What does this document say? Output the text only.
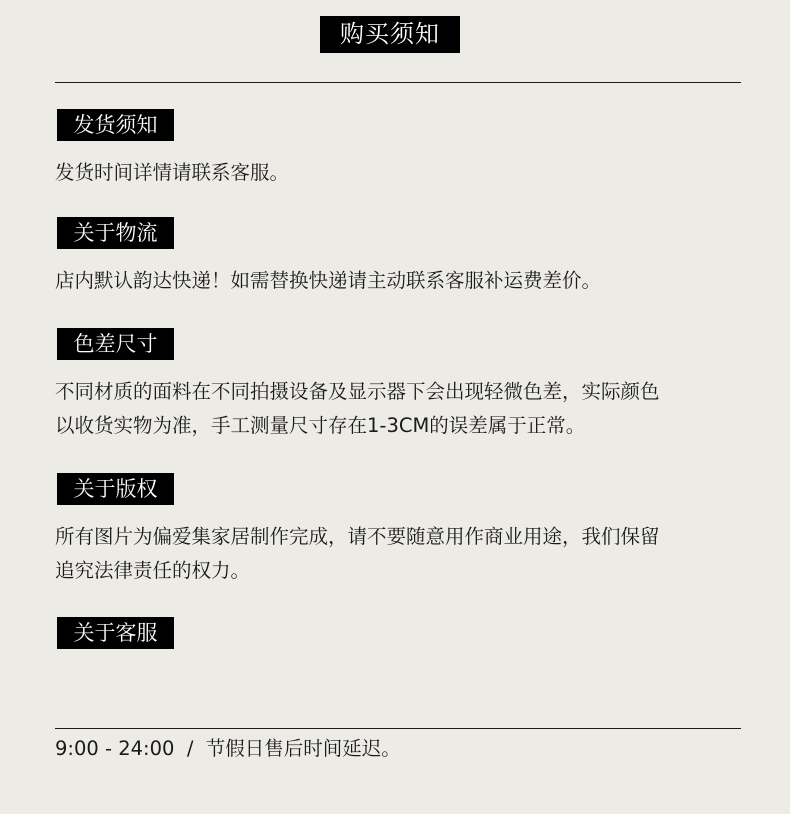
购买须知
发货须知
发货时间详情请联系客服。
关于物流
店内默认韵达快递！如需替换快递请主动联系客服补运费差价。
色差尺寸
不同材质的面料在不同拍摄设备及显示器下会出现轻微色差，实际颜色
以收货实物为准，手工测量尺寸存在1-3CM的误差属于正常。
关于版权
所有图片为偏爱集家居制作完成，请不要随意用作商业用途，我们保留
追究法律责任的权力。
关于客服

9:00 - 24:00  /  节假日售后时间延迟。
